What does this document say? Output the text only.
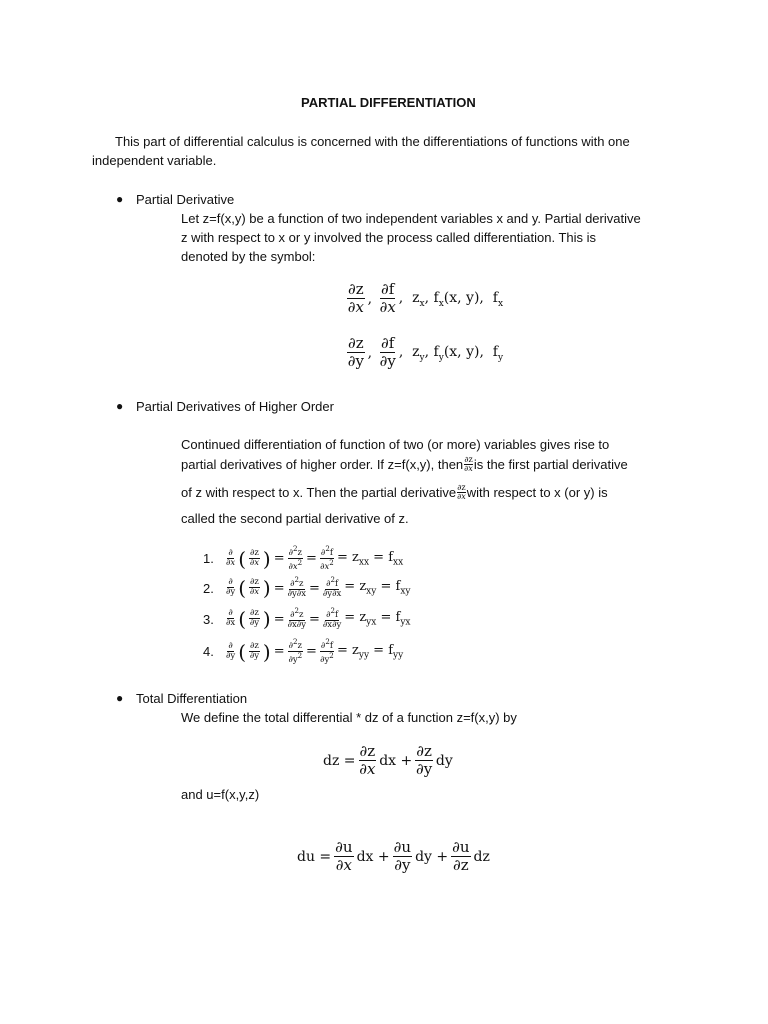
PARTIAL DIFFERENTIATION
This part of differential calculus is concerned with the differentiations of functions with one
independent variable.
● Partial Derivative
Let z=f(x,y) be a function of two independent variables x and y. Partial derivative
z with respect to x or y involved the process called differentiation. This is
denoted by the symbol:
$\frac{\partial z}{\partial x}$ , $\frac{\partial f}{\partial x}$ ,  $z_x$, $f_x(x$, y),  $f_x$
$\frac{\partial z}{\partial y}$ , $\frac{\partial f}{\partial y}$ ,  $z_y$, $f_y(x$, y),  $f_y$
● Partial Derivatives of Higher Order
Continued differentiation of function of two (or more) variables gives rise to
partial derivatives of higher order. If z=f(x,y), then $\frac{\partial z}{\partial x}$ is the first partial derivative
of z with respect to x. Then the partial derivative $\frac{\partial z}{\partial x}$ with respect to x (or y) is
called the second partial derivative of z.
1.	$\frac{\partial}{\partial x}$ ( $\frac{\partial z}{\partial x}$ ) = $\frac{\partial^2z}{\partial x^2} = \frac{\partial^2f}{\partial x^2} = z_{xx} = f_{xx}$
2.	$\frac{\partial}{\partial y}$ ( $\frac{\partial z}{\partial x}$ ) = $\frac{\partial^2z}{\partial y\partial x} = \frac{\partial^2f}{\partial y\partial x} = z_{xy} = f_{xy}$
3.	$\frac{\partial}{\partial x}$ ( $\frac{\partial z}{\partial y}$ ) = $\frac{\partial^2z}{\partial x\partial y} = \frac{\partial^2f}{\partial x\partial y} = z_{yx} = f_{yx}$
4.	$\frac{\partial}{\partial y}$ ( $\frac{\partial z}{\partial y}$ ) = $\frac{\partial^2z}{\partial y^2} = \frac{\partial^2f}{\partial y^2} = z_{yy} = f_{yy}$
● Total Differentiation
We define the total differential * dz of a function z=f(x,y) by
dz = $\frac{\partial z}{\partial x}$ dx + $\frac{\partial z}{\partial y}$ dy
and u=f(x,y,z)
du = $\frac{\partial u}{\partial x}$ dx + $\frac{\partial u}{\partial y}$ dy + $\frac{\partial u}{\partial z}$ dz
